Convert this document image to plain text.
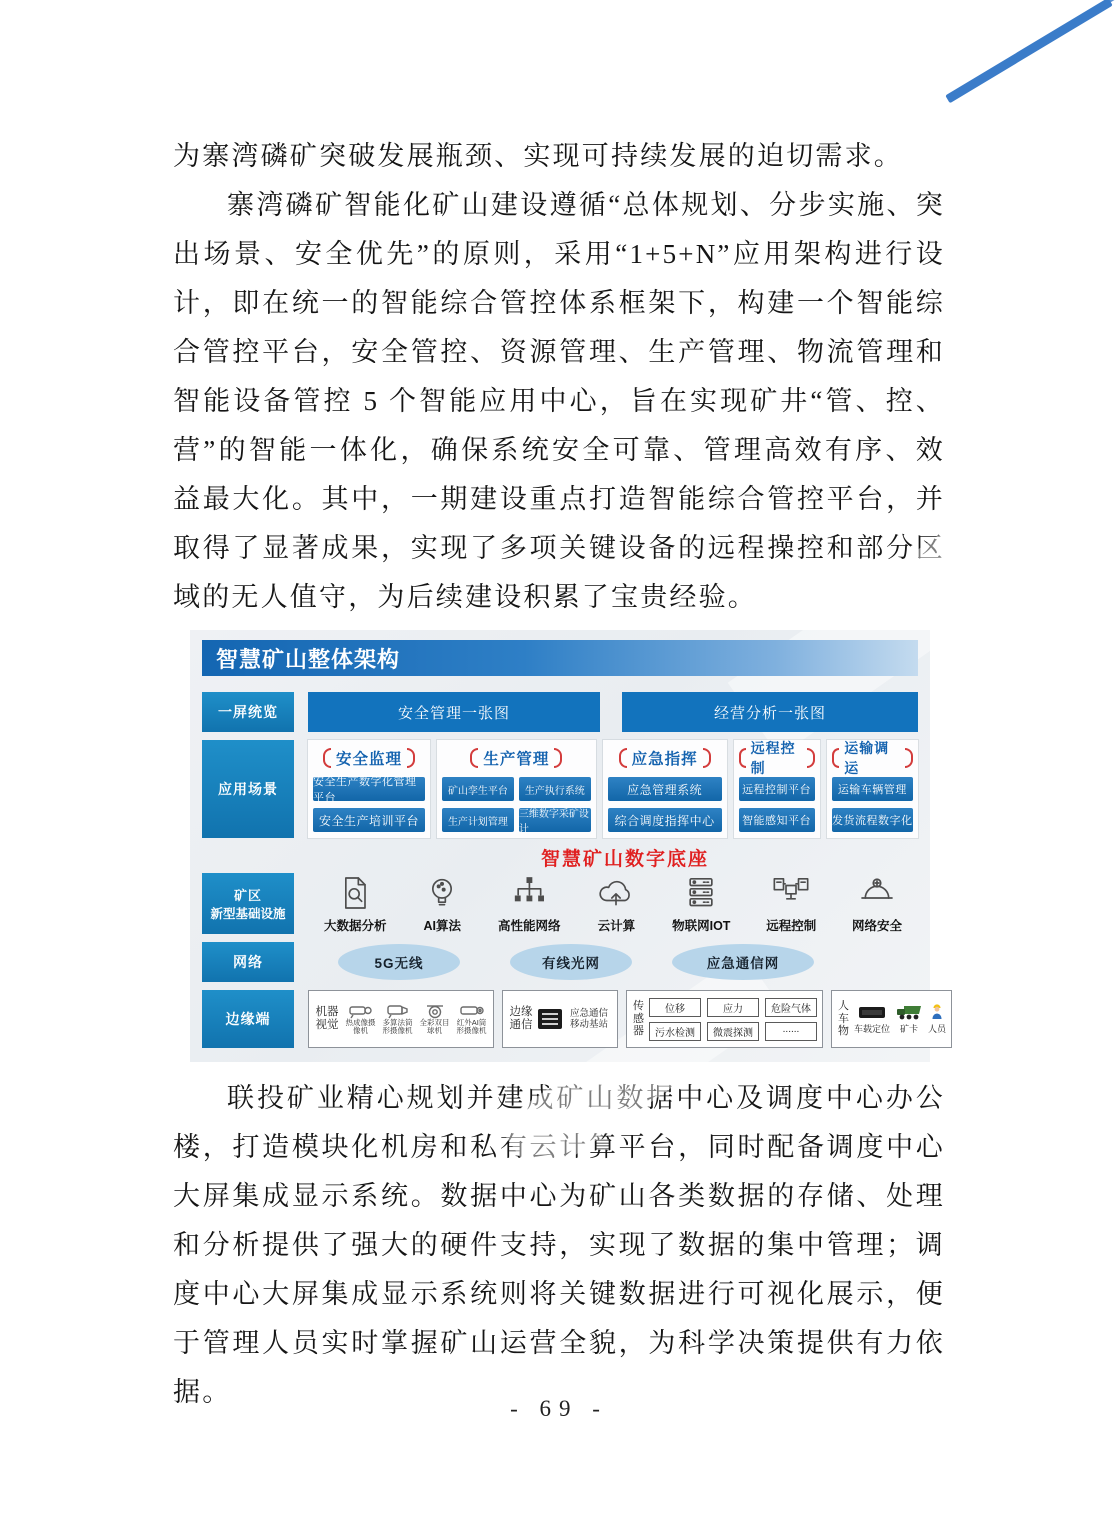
为寨湾磷矿突破发展瓶颈、实现可持续发展的迫切需求。

寨湾磷矿智能化矿山建设遵循“总体规划、分步实施、突出场景、安全优先”的原则，采用“1+5+N”应用架构进行设计，即在统一的智能综合管控体系框架下，构建一个智能综合管控平台，安全管控、资源管理、生产管理、物流管理和智能设备管控 5 个智能应用中心，旨在实现矿井“管、控、营”的智能一体化，确保系统安全可靠、管理高效有序、效益最大化。其中，一期建设重点打造智能综合管控平台，并取得了显著成果，实现了多项关键设备的远程操控和部分区域的无人值守，为后续建设积累了宝贵经验。

智慧矿山整体架构
一屏统览	安全管理一张图	经营分析一张图
应用场景
安全监理
安全生产数字化管理平台
安全生产培训平台
生产管理
矿山孪生平台	生产执行系统
生产计划管理
三维数字采矿设计
应急指挥
应急管理系统
综合调度指挥中心
远程控制
远程控制平台
智能感知平台
运输调运
运输车辆管理
发货流程数字化
智慧矿山数字底座
矿区
新型基础设施
大数据分析	AI算法	高性能网络	云计算	物联网IOT	远程控制	网络安全
网络	5G无线	有线光网	应急通信网
边缘端	机器视觉 热成像摄像机
多算法筒形摄像机
全彩双目球机
红外AI筒形摄像机
边缘通信
应急通信移动基站
传感器
位移	应力	危险气体
污水检测	微震探测	......
人车物 车载定位 矿卡 人员

联投矿业精心规划并建成矿山数据中心及调度中心办公楼，打造模块化机房和私有云计算平台，同时配备调度中心大屏集成显示系统。数据中心为矿山各类数据的存储、处理和分析提供了强大的硬件支持，实现了数据的集中管理；调度中心大屏集成显示系统则将关键数据进行可视化展示，便于管理人员实时掌握矿山运营全貌，为科学决策提供有力依据。

- 69 -
